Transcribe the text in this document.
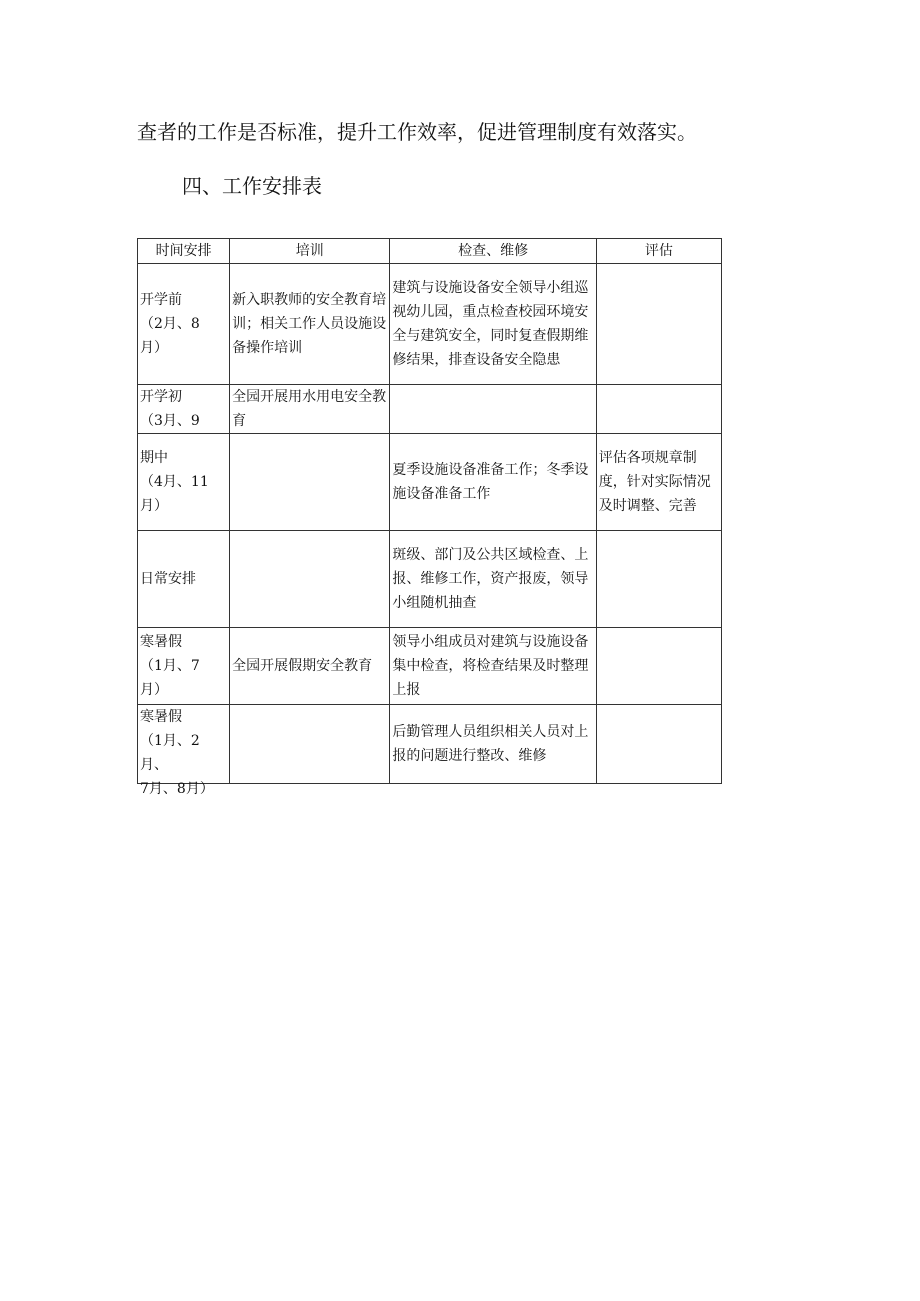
查者的工作是否标准，提升工作效率，促进管理制度有效落实。

四、工作安排表

时间安排	培训	检查、维修	评估

开学前
（2月、8
月）	新入职教师的安全教育培训；相关工作人员设施设备操作培训	建筑与设施设备安全领导小组巡视幼儿园，重点检查校园环境安全与建筑安全，同时复查假期维修结果，排查设备安全隐患	

开学初
（3月、9	全园开展用水用电安全教育		

期中
（4月、11
月）		夏季设施设备准备工作；冬季设施设备准备工作	评估各项规章制度，针对实际情况及时调整、完善

日常安排		斑级、部门及公共区域检查、上报、维修工作，资产报废，领导小组随机抽查	

寒暑假
（1月、7
月）	全园开展假期安全教育	领导小组成员对建筑与设施设备集中检查，将检查结果及时整理上报	

寒暑假
（1月、2
月、
7月、8月）		后勤管理人员组织相关人员对上报的问题进行整改、维修	
